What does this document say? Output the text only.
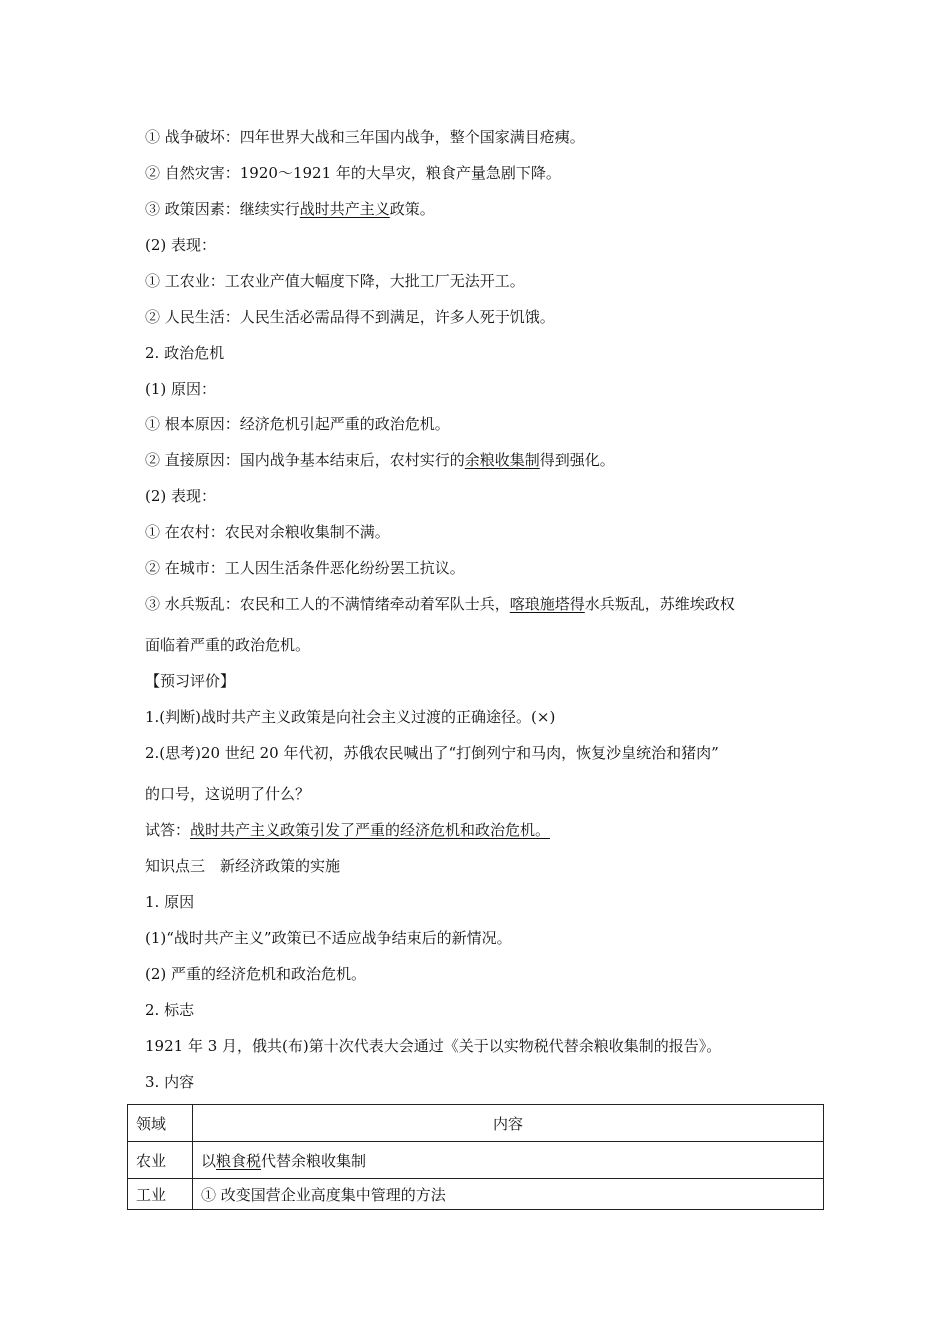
① 战争破坏：四年世界大战和三年国内战争，整个国家满目疮痍。
② 自然灾害：1920～1921 年的大旱灾，粮食产量急剧下降。
③ 政策因素：继续实行战时共产主义政策。
(2) 表现：
① 工农业：工农业产值大幅度下降，大批工厂无法开工。
② 人民生活：人民生活必需品得不到满足，许多人死于饥饿。
2. 政治危机
(1) 原因：
① 根本原因：经济危机引起严重的政治危机。
② 直接原因：国内战争基本结束后，农村实行的余粮收集制得到强化。
(2) 表现：
① 在农村：农民对余粮收集制不满。
② 在城市：工人因生活条件恶化纷纷罢工抗议。
③ 水兵叛乱：农民和工人的不满情绪牵动着军队士兵，喀琅施塔得水兵叛乱，苏维埃政权
面临着严重的政治危机。
【预习评价】
1.(判断)战时共产主义政策是向社会主义过渡的正确途径。(×)
2.(思考)20 世纪 20 年代初，苏俄农民喊出了“打倒列宁和马肉，恢复沙皇统治和猪肉”
的口号，这说明了什么？
试答：战时共产主义政策引发了严重的经济危机和政治危机。
知识点三　新经济政策的实施
1. 原因
(1)“战时共产主义”政策已不适应战争结束后的新情况。
(2) 严重的经济危机和政治危机。
2. 标志
1921 年 3 月，俄共(布)第十次代表大会通过《关于以实物税代替余粮收集制的报告》。
3. 内容
领域	内容
农业	以粮食税代替余粮收集制
工业	① 改变国营企业高度集中管理的方法
